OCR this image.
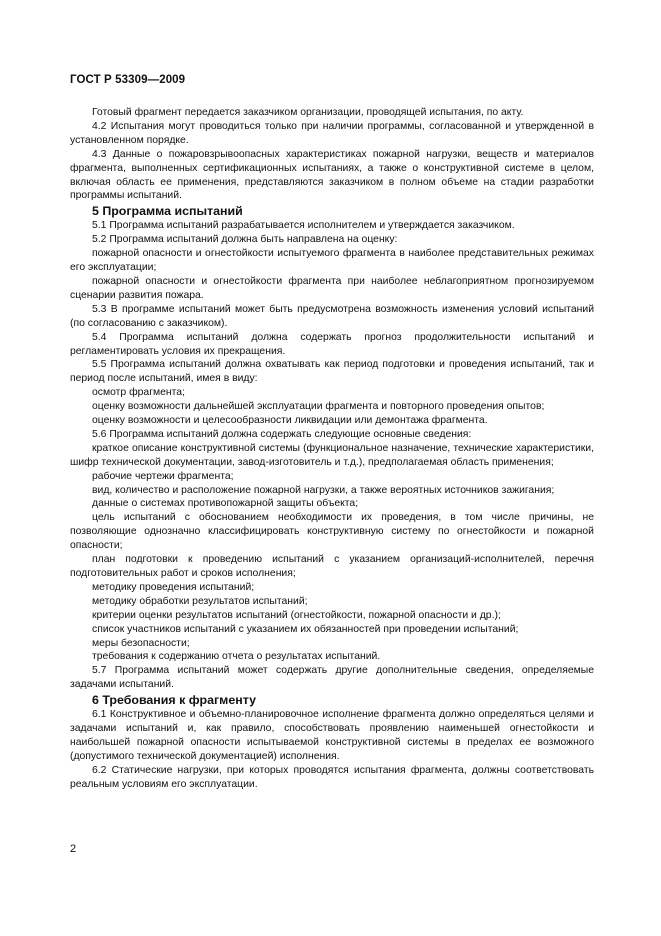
ГОСТ Р 53309—2009

Готовый фрагмент передается заказчиком организации, проводящей испытания, по акту.

4.2 Испытания могут проводиться только при наличии программы, согласованной и утвержденной в установленном порядке.

4.3 Данные о пожаровзрывоопасных характеристиках пожарной нагрузки, веществ и материалов фрагмента, выполненных сертификационных испытаниях, а также о конструктивной системе в целом, включая область ее применения, представляются заказчиком в полном объеме на стадии разработки программы испытаний.

5 Программа испытаний

5.1 Программа испытаний разрабатывается исполнителем и утверждается заказчиком.

5.2 Программа испытаний должна быть направлена на оценку:

пожарной опасности и огнестойкости испытуемого фрагмента в наиболее представительных режимах его эксплуатации;

пожарной опасности и огнестойкости фрагмента при наиболее неблагоприятном прогнозируемом сценарии развития пожара.

5.3 В программе испытаний может быть предусмотрена возможность изменения условий испытаний (по согласованию с заказчиком).

5.4 Программа испытаний должна содержать прогноз продолжительности испытаний и регламентировать условия их прекращения.

5.5 Программа испытаний должна охватывать как период подготовки и проведения испытаний, так и период после испытаний, имея в виду:

осмотр фрагмента;

оценку возможности дальнейшей эксплуатации фрагмента и повторного проведения опытов;

оценку возможности и целесообразности ликвидации или демонтажа фрагмента.

5.6 Программа испытаний должна содержать следующие основные сведения:

краткое описание конструктивной системы (функциональное назначение, технические характеристики, шифр технической документации, завод-изготовитель и т.д.), предполагаемая область применения;

рабочие чертежи фрагмента;

вид, количество и расположение пожарной нагрузки, а также вероятных источников зажигания;

данные о системах противопожарной защиты объекта;

цель испытаний с обоснованием необходимости их проведения, в том числе причины, не позволяющие однозначно классифицировать конструктивную систему по огнестойкости и пожарной опасности;

план подготовки к проведению испытаний с указанием организаций-исполнителей, перечня подготовительных работ и сроков исполнения;

методику проведения испытаний;

методику обработки результатов испытаний;

критерии оценки результатов испытаний (огнестойкости, пожарной опасности и др.);

список участников испытаний с указанием их обязанностей при проведении испытаний;

меры безопасности;

требования к содержанию отчета о результатах испытаний.

5.7 Программа испытаний может содержать другие дополнительные сведения, определяемые задачами испытаний.

6 Требования к фрагменту

6.1 Конструктивное и объемно-планировочное исполнение фрагмента должно определяться целями и задачами испытаний и, как правило, способствовать проявлению наименьшей огнестойкости и наибольшей пожарной опасности испытываемой конструктивной системы в пределах ее возможного (допустимого технической документацией) исполнения.

6.2 Статические нагрузки, при которых проводятся испытания фрагмента, должны соответствовать реальным условиям его эксплуатации.

2
